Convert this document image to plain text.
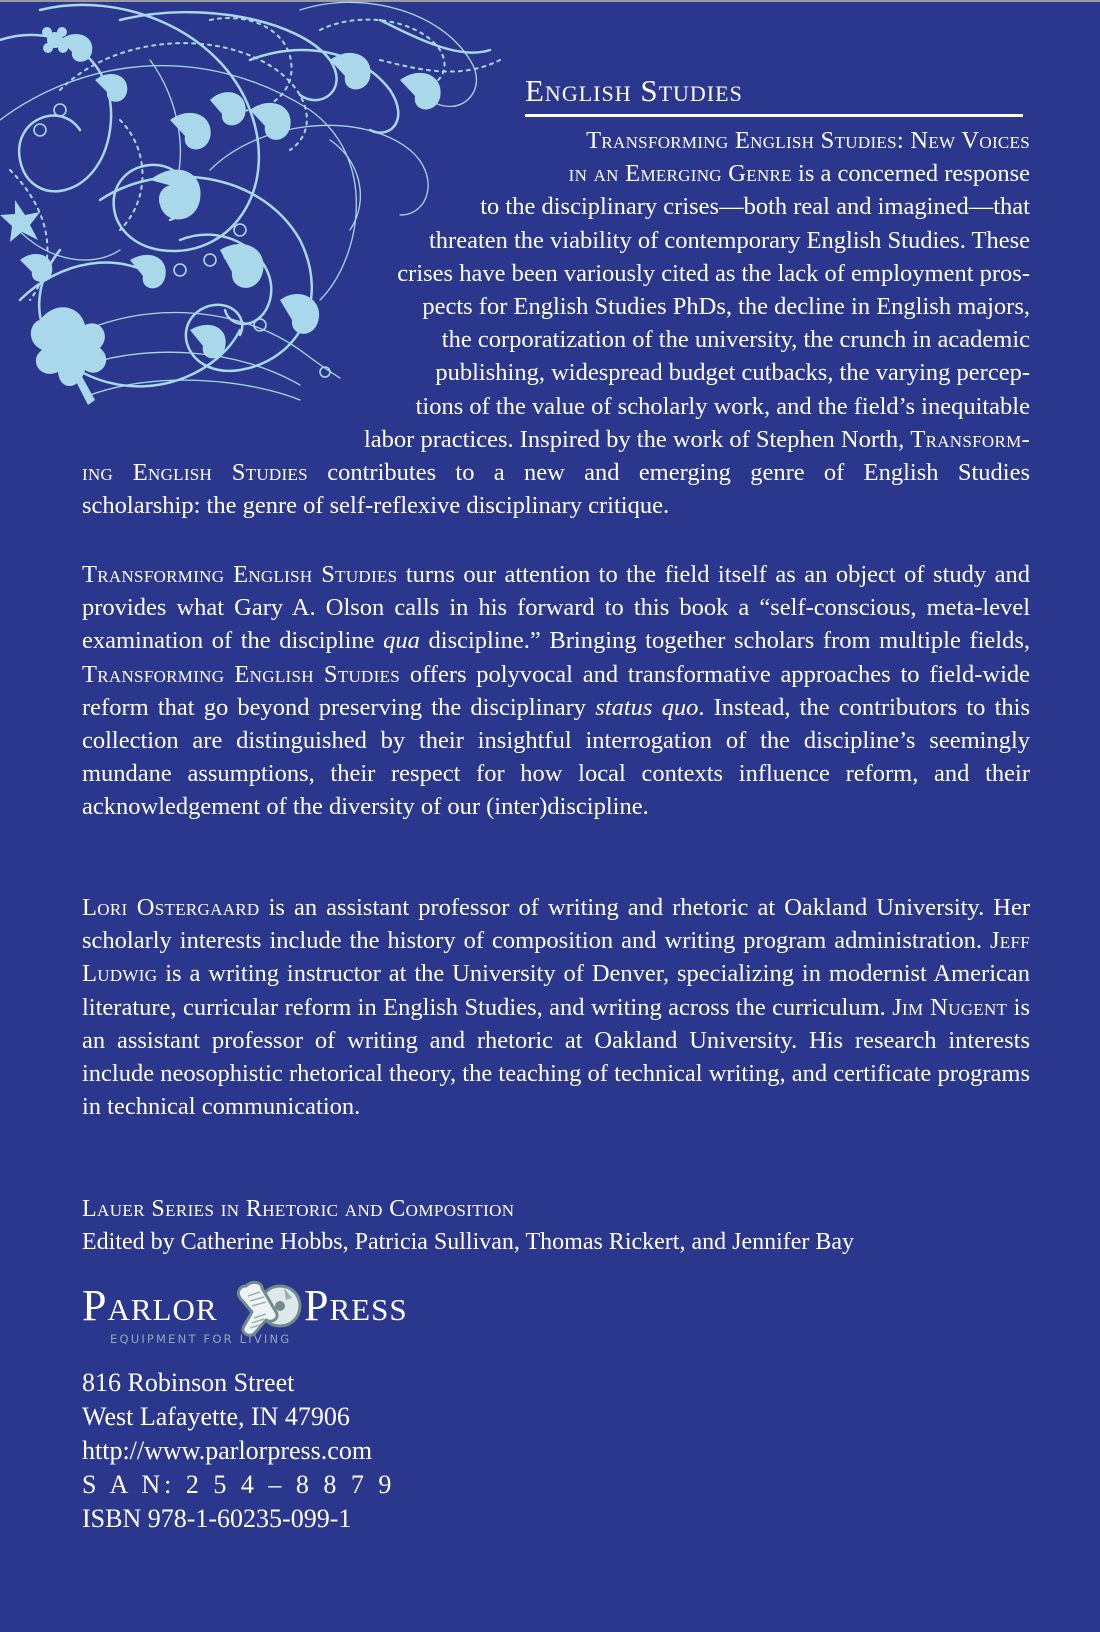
English Studies
Transforming English Studies: New Voices
in an Emerging Genre is a concerned response
to the disciplinary crises—both real and imagined—that
threaten the viability of contemporary English Studies. These
crises have been variously cited as the lack of employment pros-
pects for English Studies PhDs, the decline in English majors,
the corporatization of the university, the crunch in academic
publishing, widespread budget cutbacks, the varying percep-
tions of the value of scholarly work, and the field’s inequitable
labor practices. Inspired by the work of Stephen North, Transform-
ing English Studies contributes to a new and emerging genre of English Studies
scholarship: the genre of self-reflexive disciplinary critique.
Transforming English Studies turns our attention to the field itself as an object of study and provides what Gary A. Olson calls in his forward to this book a “self-conscious, meta-level examination of the discipline qua discipline.” Bringing together scholars from multiple fields, Transforming English Studies offers polyvocal and transformative approaches to field-wide reform that go beyond preserving the disciplinary status quo. Instead, the contributors to this collection are distinguished by their insightful interrogation of the discipline’s seemingly mundane assumptions, their respect for how local contexts influence reform, and their acknowledgement of the diversity of our (inter)discipline.
Lori Ostergaard is an assistant professor of writing and rhetoric at Oakland University. Her scholarly interests include the history of composition and writing program administration. Jeff Ludwig is a writing instructor at the University of Denver, specializing in modernist American literature, curricular reform in English Studies, and writing across the curriculum. Jim Nugent is an assistant professor of writing and rhetoric at Oakland University. His research interests include neosophistic rhetorical theory, the teaching of technical writing, and certificate programs in technical communication.
Lauer Series in Rhetoric and Composition
Edited by Catherine Hobbs, Patricia Sullivan, Thomas Rickert, and Jennifer Bay
Parlor Press
EQUIPMENT FOR LIVING
816 Robinson Street
West Lafayette, IN 47906
http://www.parlorpress.com
S A N: 2 5 4 – 8 8 7 9
ISBN 978-1-60235-099-1
